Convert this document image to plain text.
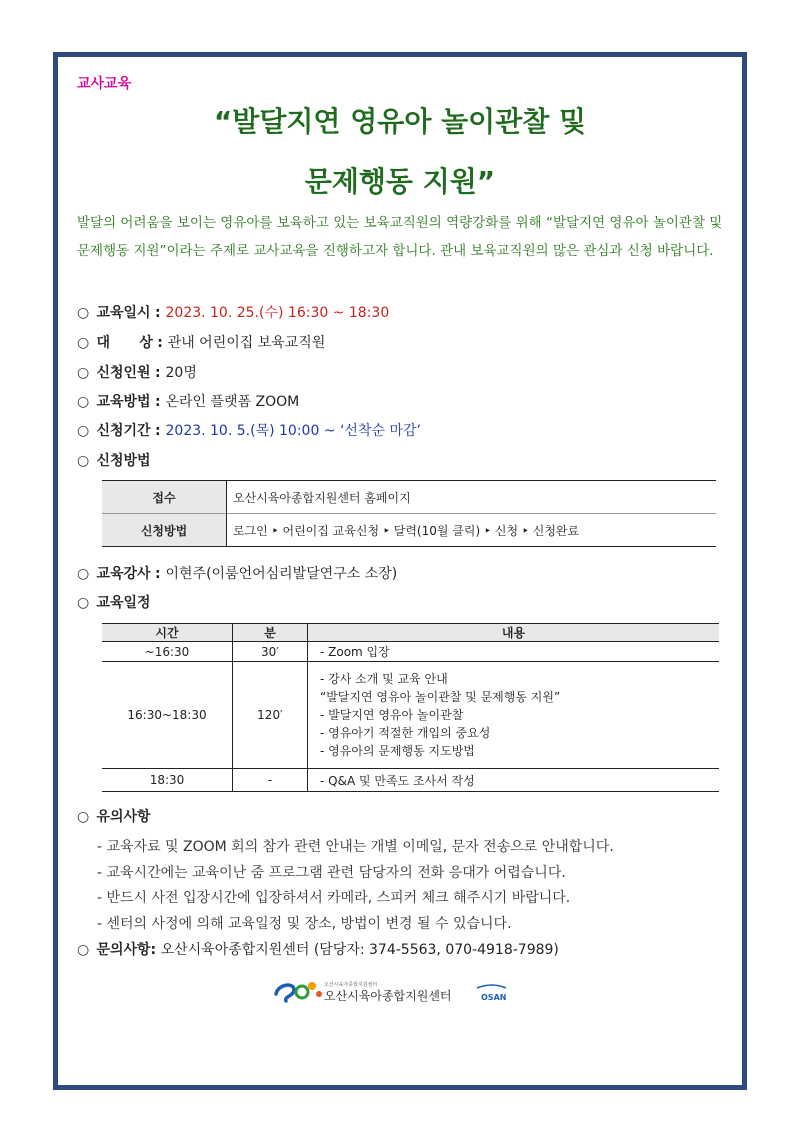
교사교육
“발달지연 영유아 놀이관찰 및
문제행동 지원”
발달의 어려움을 보이는 영유아를 보육하고 있는 보육교직원의 역량강화를 위해 “발달지연 영유아 놀이관찰 및 문제행동 지원”이라는 주제로 교사교육을 진행하고자 합니다. 관내 보육교직원의 많은 관심과 신청 바랍니다.
○ 교육일시 : 2023. 10. 25.(수) 16:30 ~ 18:30
○ 대      상 : 관내 어린이집 보육교직원
○ 신청인원 : 20명
○ 교육방법 : 온라인 플랫폼 ZOOM
○ 신청기간 : 2023. 10. 5.(목) 10:00 ~ ‘선착순 마감’
○ 신청방법
접수	오산시육아종합지원센터 홈페이지
신청방법	로그인 ‣ 어린이집 교육신청 ‣ 달력(10월 클릭) ‣ 신청 ‣ 신청완료
○ 교육강사 : 이현주(이룸언어심리발달연구소 소장)
○ 교육일정
시간	분	내용
~16:30	30′	- Zoom 입장
16:30~18:30	120′	- 강사 소개 및 교육 안내
“발달지연 영유아 놀이관찰 및 문제행동 지원”
- 발달지연 영유아 놀이관찰
- 영유아기 적절한 개입의 중요성
- 영유아의 문제행동 지도방법

18:30	-	- Q&A 및 만족도 조사서 작성
○ 유의사항
- 교육자료 및 ZOOM 회의 참가 관련 안내는 개별 이메일, 문자 전송으로 안내합니다.
- 교육시간에는 교육이난 줌 프로그램 관련 담당자의 전화 응대가 어렵습니다.
- 반드시 사전 입장시간에 입장하셔서 카메라, 스피커 체크 해주시기 바랍니다.
- 센터의 사정에 의해 교육일정 및 장소, 방법이 변경 될 수 있습니다.
○ 문의사항: 오산시육아종합지원센터 (담당자: 374-5563, 070-4918-7989)
오산시육아종합지원센터
오산시육아종합지원센터	OSAN
